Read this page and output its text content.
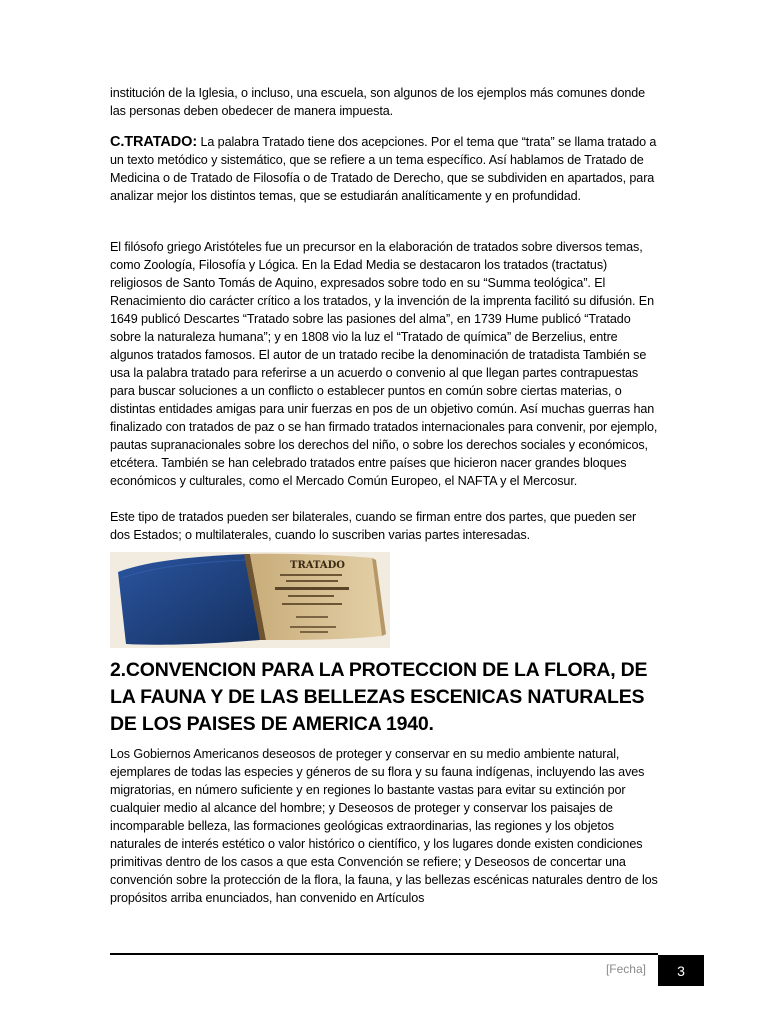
institución de la Iglesia, o incluso, una escuela, son algunos de los ejemplos más comunes donde las personas deben obedecer de manera impuesta.

C.TRATADO: La palabra Tratado tiene dos acepciones. Por el tema que “trata” se llama tratado a un texto metódico y sistemático, que se refiere a un tema específico. Así hablamos de Tratado de Medicina o de Tratado de Filosofía o de Tratado de Derecho, que se subdividen en apartados, para analizar mejor los distintos temas, que se estudiarán analíticamente y en profundidad.

El filósofo griego Aristóteles fue un precursor en la elaboración de tratados sobre diversos temas, como Zoología, Filosofía y Lógica. En la Edad Media se destacaron los tratados (tractatus) religiosos de Santo Tomás de Aquino, expresados sobre todo en su “Summa teológica”. El Renacimiento dio carácter crítico a los tratados, y la invención de la imprenta facilitó su difusión. En 1649 publicó Descartes “Tratado sobre las pasiones del alma”, en 1739 Hume publicó “Tratado sobre la naturaleza humana”; y en 1808 vio la luz el “Tratado de química” de Berzelius, entre algunos tratados famosos. El autor de un tratado recibe la denominación de tratadista También se usa la palabra tratado para referirse a un acuerdo o convenio al que llegan partes contrapuestas para buscar soluciones a un conflicto o establecer puntos en común sobre ciertas materias, o distintas entidades amigas para unir fuerzas en pos de un objetivo común. Así muchas guerras han finalizado con tratados de paz o se han firmado tratados internacionales para convenir, por ejemplo, pautas supranacionales sobre los derechos del niño, o sobre los derechos sociales y económicos, etcétera. También se han celebrado tratados entre países que hicieron nacer grandes bloques económicos y culturales, como el Mercado Común Europeo, el NAFTA y el Mercosur.

Este tipo de tratados pueden ser bilaterales, cuando se firman entre dos partes, que pueden ser dos Estados; o multilaterales, cuando lo suscriben varias partes interesadas.

TRATADO
2.CONVENCION PARA LA PROTECCION DE LA FLORA, DE LA FAUNA Y DE LAS BELLEZAS ESCENICAS NATURALES DE LOS PAISES DE AMERICA 1940.

Los Gobiernos Americanos deseosos de proteger y conservar en su medio ambiente natural, ejemplares de todas las especies y géneros de su flora y su fauna indígenas, incluyendo las aves migratorias, en número suficiente y en regiones lo bastante vastas para evitar su extinción por cualquier medio al alcance del hombre; y Deseosos de proteger y conservar los paisajes de incomparable belleza, las formaciones geológicas extraordinarias, las regiones y los objetos naturales de interés estético o valor histórico o científico, y los lugares donde existen condiciones primitivas dentro de los casos a que esta Convención se refiere; y Deseosos de concertar una convención sobre la protección de la flora, la fauna, y las bellezas escénicas naturales dentro de los propósitos arriba enunciados, han convenido en Artículos

[Fecha] 3
